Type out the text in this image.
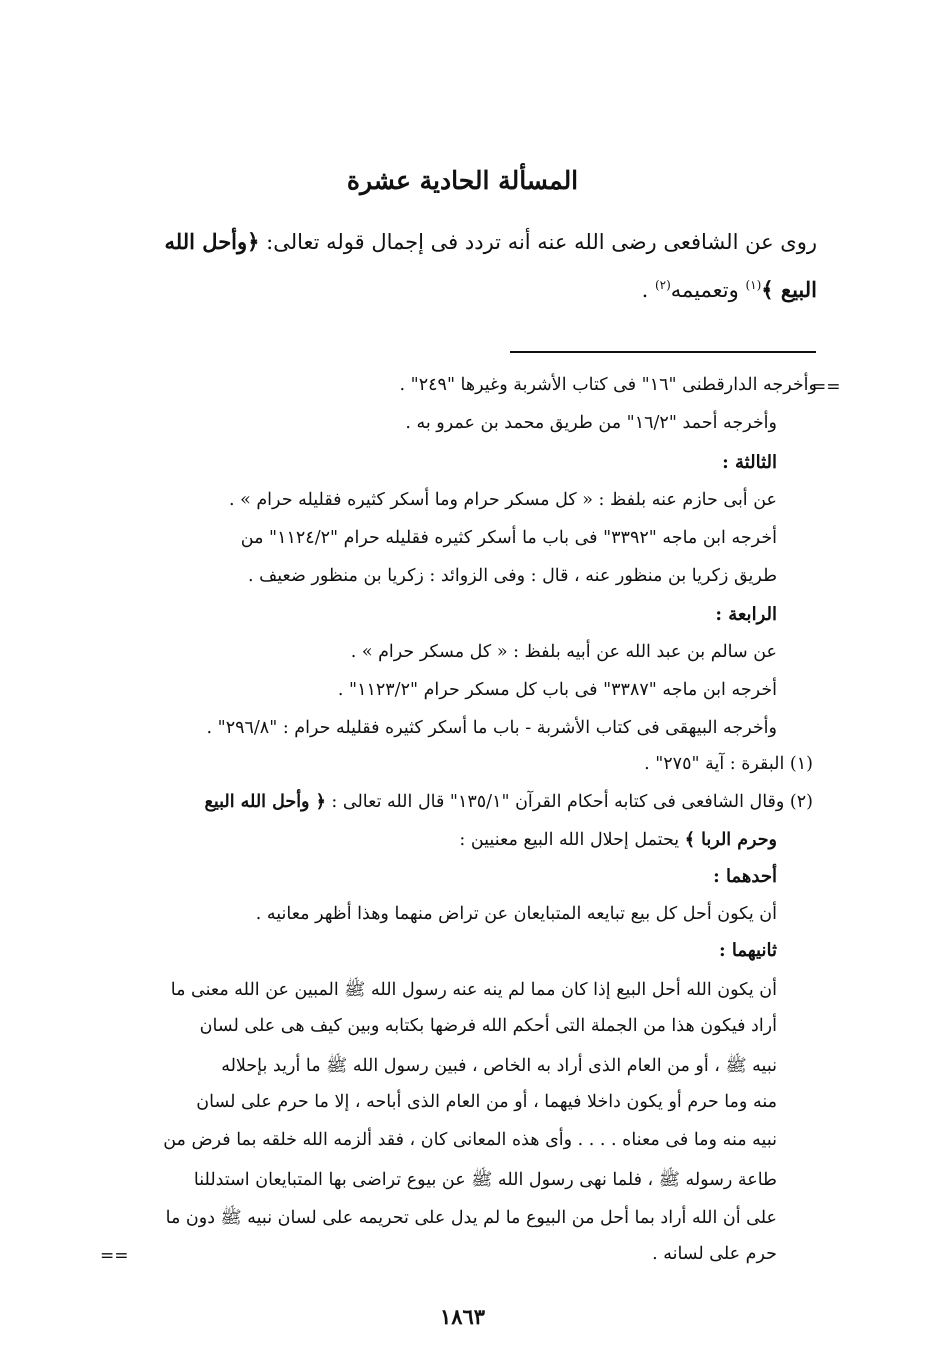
المسألة الحادية عشرة
روى عن الشافعى رضى الله عنه أنه تردد فى إجمال قوله تعالى: ﴿وأحل الله
البيع ﴾$^{(١)}$ وتعميمه$^{(٢)}$ .
وأخرجه الدارقطنى "١٦" فى كتاب الأشربة وغيرها "٢٤٩" .
==
وأخرجه أحمد "١٦/٢" من طريق محمد بن عمرو به .
الثالثة :
عن أبى حازم عنه بلفظ : « كل مسكر حرام وما أسكر كثيره فقليله حرام » .
أخرجه ابن ماجه "٣٣٩٢" فى باب ما أسكر كثيره فقليله حرام "١١٢٤/٢" من
طريق زكريا بن منظور عنه ، قال : وفى الزوائد : زكريا بن منظور ضعيف .
الرابعة :
عن سالم بن عبد الله عن أبيه بلفظ : « كل مسكر حرام » .
أخرجه ابن ماجه "٣٣٨٧" فى باب كل مسكر حرام "١١٢٣/٢" .
وأخرجه البيهقى فى كتاب الأشربة - باب ما أسكر كثيره فقليله حرام : "٢٩٦/٨" .
(١) البقرة : آية "٢٧٥" .
(٢) وقال الشافعى فى كتابه أحكام القرآن "١٣٥/١" قال الله تعالى : ﴿ وأحل الله البيع
وحرم الربا ﴾ يحتمل إحلال الله البيع معنيين :
أحدهما :
أن يكون أحل كل بيع تبايعه المتبايعان عن تراض منهما وهذا أظهر معانيه .
ثانيهما :
أن يكون الله أحل البيع إذا كان مما لم ينه عنه رسول الله ﷺ المبين عن الله معنى ما
أراد فيكون هذا من الجملة التى أحكم الله فرضها بكتابه وبين كيف هى على لسان
نبيه ﷺ ، أو من العام الذى أراد به الخاص ، فبين رسول الله ﷺ ما أريد بإحلاله
منه وما حرم أو يكون داخلا فيهما ، أو من العام الذى أباحه ، إلا ما حرم على لسان
نبيه منه وما فى معناه . . . . وأى هذه المعانى كان ، فقد ألزمه الله خلقه بما فرض من
طاعة رسوله ﷺ ، فلما نهى رسول الله ﷺ عن بيوع تراضى بها المتبايعان استدللنا
على أن الله أراد بما أحل من البيوع ما لم يدل على تحريمه على لسان نبيه ﷺ دون ما
حرم على لسانه .
==
١٨٦٣
